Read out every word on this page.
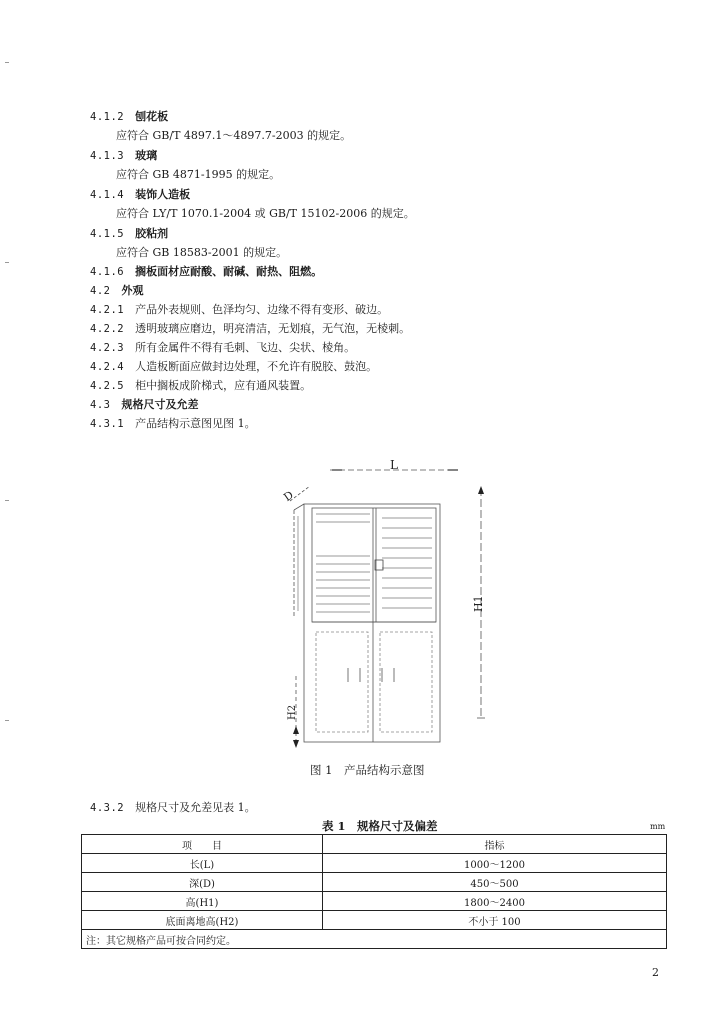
4.1.2　 刨花板
应符合 GB/T 4897.1～4897.7-2003 的规定。
4.1.3　 玻璃
应符合 GB 4871-1995 的规定。
4.1.4　 装饰人造板
应符合 LY/T 1070.1-2004 或 GB/T 15102-2006 的规定。
4.1.5　 胶粘剂
应符合 GB 18583-2001 的规定。
4.1.6　 搁板面材应耐酸、耐碱、耐热、阻燃。
4.2　 外观
4.2.1　 产品外表规则、色泽均匀、边缘不得有变形、破边。
4.2.2　 透明玻璃应磨边，明亮清洁，无划痕，无气泡，无棱刺。
4.2.3　 所有金属件不得有毛刺、飞边、尖状、棱角。
4.2.4　 人造板断面应做封边处理，不允许有脱胶、鼓泡。
4.2.5　 柜中搁板成阶梯式，应有通风装置。
4.3　 规格尺寸及允差
4.3.1　 产品结构示意图见图 1。
L
D
H1
H2
图 1　产品结构示意图
4.3.2　 规格尺寸及允差见表 1。
表 1　规格尺寸及偏差	mm
项　　目	指标
长(L)	1000～1200
深(D)	450～500
高(H1)	1800～2400
底面离地高(H2)	不小于 100
注：其它规格产品可按合同约定。	
2
